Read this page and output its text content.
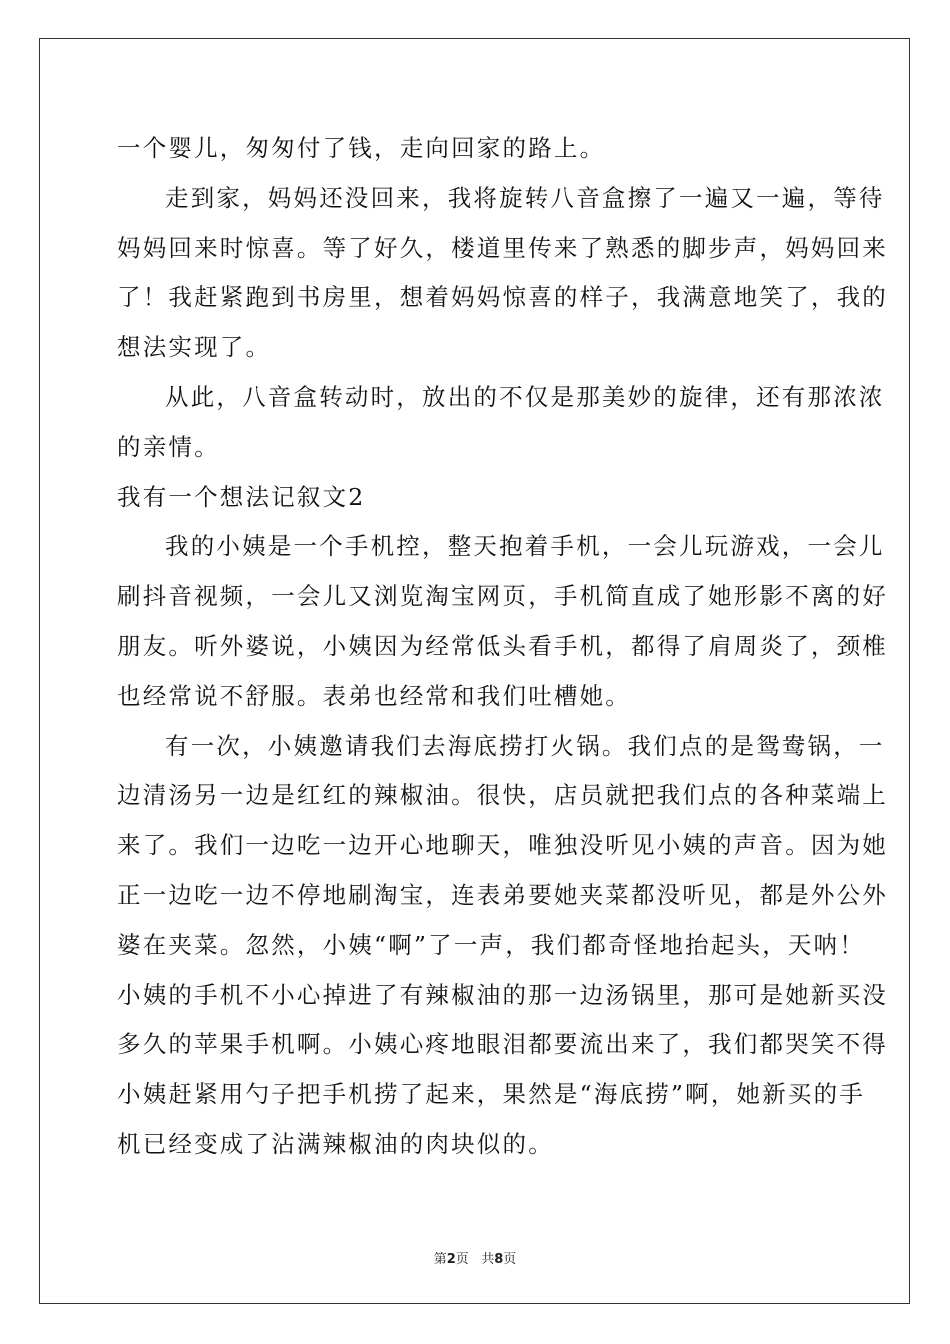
一个婴儿，匆匆付了钱，走向回家的路上。
走到家，妈妈还没回来，我将旋转八音盒擦了一遍又一遍，等待
妈妈回来时惊喜。等了好久，楼道里传来了熟悉的脚步声，妈妈回来
了！我赶紧跑到书房里，想着妈妈惊喜的样子，我满意地笑了，我的
想法实现了。
从此，八音盒转动时，放出的不仅是那美妙的旋律，还有那浓浓
的亲情。
我有一个想法记叙文2
我的小姨是一个手机控，整天抱着手机，一会儿玩游戏，一会儿
刷抖音视频，一会儿又浏览淘宝网页，手机简直成了她形影不离的好
朋友。听外婆说，小姨因为经常低头看手机，都得了肩周炎了，颈椎
也经常说不舒服。表弟也经常和我们吐槽她。
有一次，小姨邀请我们去海底捞打火锅。我们点的是鸳鸯锅，一
边清汤另一边是红红的辣椒油。很快，店员就把我们点的各种菜端上
来了。我们一边吃一边开心地聊天，唯独没听见小姨的声音。因为她
正一边吃一边不停地刷淘宝，连表弟要她夹菜都没听见，都是外公外
婆在夹菜。忽然，小姨“啊”了一声，我们都奇怪地抬起头，天呐！
小姨的手机不小心掉进了有辣椒油的那一边汤锅里，那可是她新买没
多久的苹果手机啊。小姨心疼地眼泪都要流出来了，我们都哭笑不得
小姨赶紧用勺子把手机捞了起来，果然是“海底捞”啊，她新买的手
机已经变成了沾满辣椒油的肉块似的。
第2页 共8页
